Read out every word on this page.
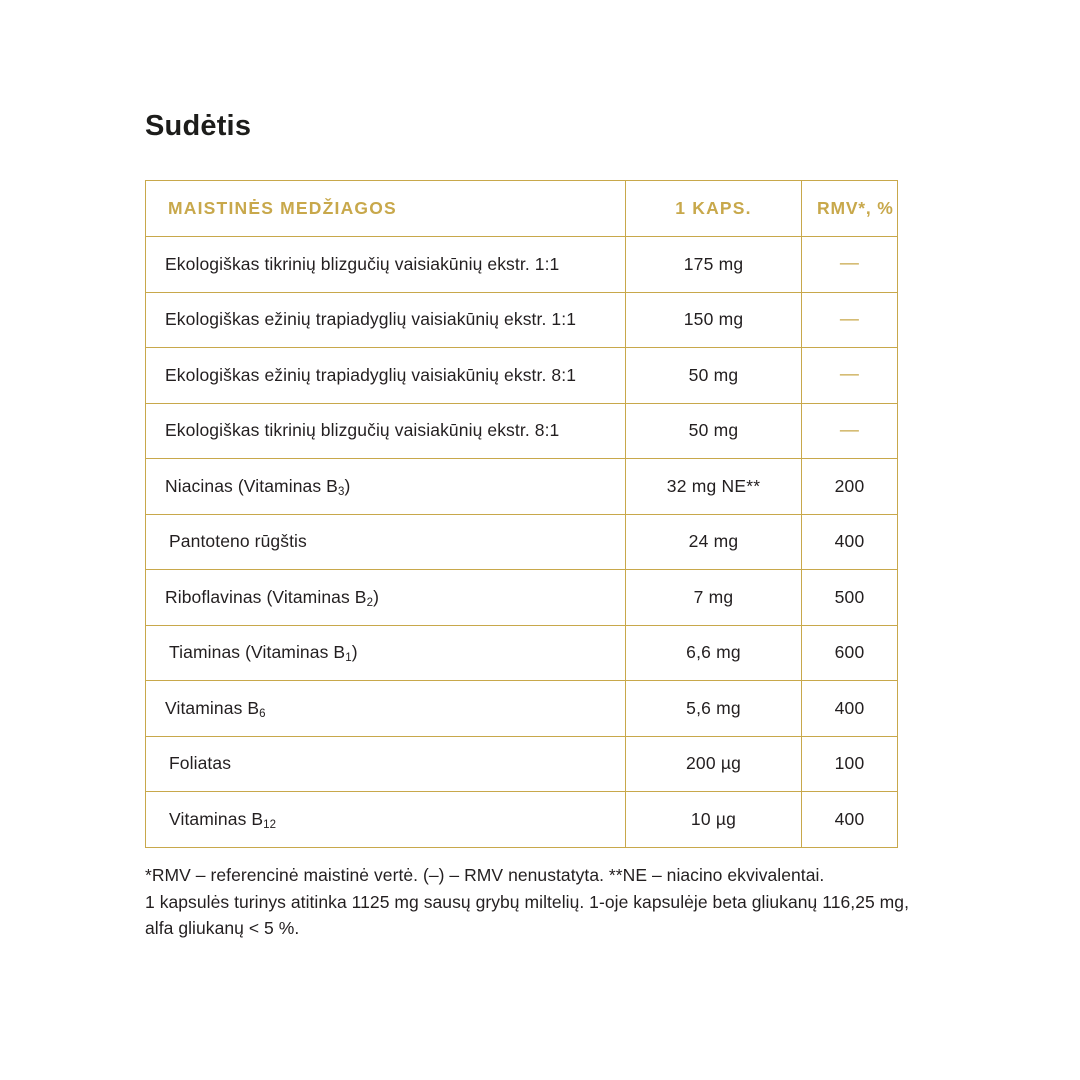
Sudėtis
MAISTINĖS MEDŽIAGOS	1 KAPS.	RMV*, %
Ekologiškas tikrinių blizgučių vaisiakūnių ekstr. 1:1	175 mg	—
Ekologiškas ežinių trapiadyglių vaisiakūnių ekstr. 1:1	150 mg	—
Ekologiškas ežinių trapiadyglių vaisiakūnių ekstr. 8:1	50 mg	—
Ekologiškas tikrinių blizgučių vaisiakūnių ekstr. 8:1	50 mg	—
Niacinas (Vitaminas $B_3$)	32 mg NE**	200
Pantoteno rūgštis	24 mg	400
Riboflavinas (Vitaminas $B_2$)	7 mg	500
Tiaminas (Vitaminas $B_1$)	6,6 mg	600
Vitaminas $B_6$	5,6 mg	400
Foliatas	200 µg	100
Vitaminas $B_{12}$	10 µg	400
*RMV – referencinė maistinė vertė. (–) – RMV nenustatyta. **NE – niacino ekvivalentai.
1 kapsulės turinys atitinka 1125 mg sausų grybų miltelių. 1-oje kapsulėje beta gliukanų 116,25 mg,
alfa gliukanų < 5 %.
